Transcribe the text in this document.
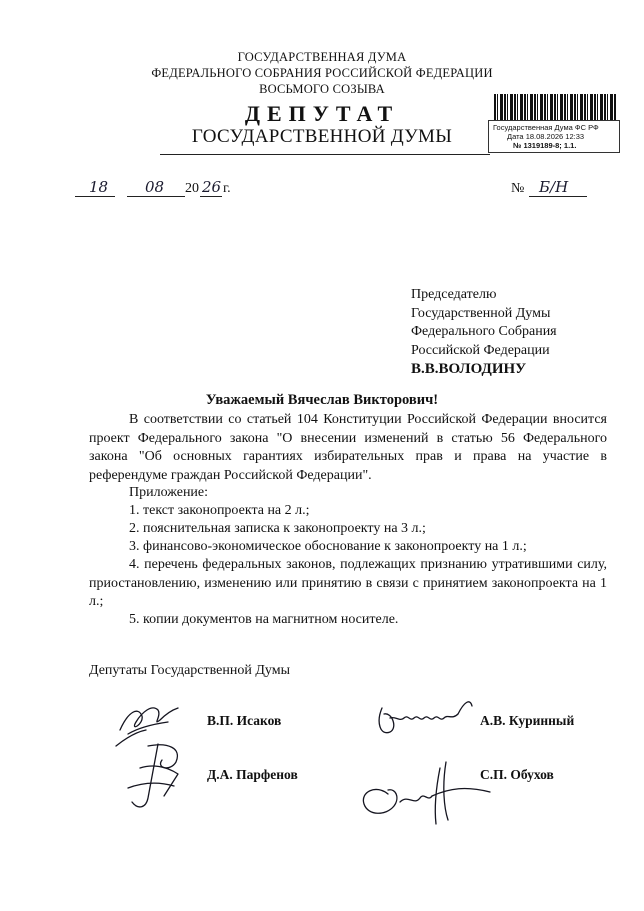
ГОСУДАРСТВЕННАЯ ДУМА
ФЕДЕРАЛЬНОГО СОБРАНИЯ РОССИЙСКОЙ ФЕДЕРАЦИИ
ВОСЬМОГО СОЗЫВА
ДЕПУТАТ
ГОСУДАРСТВЕННОЙ ДУМЫ	Государственная Дума ФС РФ
Дата 18.08.2026 12:33
№ 1319189-8; 1.1.
18 08 20 26 г.	№ Б/Н
Председателю
Государственной Думы
Федерального Собрания
Российской Федерации
В.В.ВОЛОДИНУ
Уважаемый Вячеслав Викторович!
В соответствии со статьей 104 Конституции Российской Федерации вносится проект Федерального закона "О внесении изменений в статью 56 Федерального закона "Об основных гарантиях избирательных прав и права на участие в референдуме граждан Российской Федерации".
Приложение:
1. текст законопроекта на 2 л.;
2. пояснительная записка к законопроекту на 3 л.;
3. финансово-экономическое обоснование к законопроекту на 1 л.;
4. перечень федеральных законов, подлежащих признанию утратившими силу, приостановлению, изменению или принятию в связи с принятием законопроекта на 1 л.;
5. копии документов на магнитном носителе.
Депутаты Государственной Думы
В.П. Исаков	А.В. Куринный
Д.А. Парфенов	С.П. Обухов
